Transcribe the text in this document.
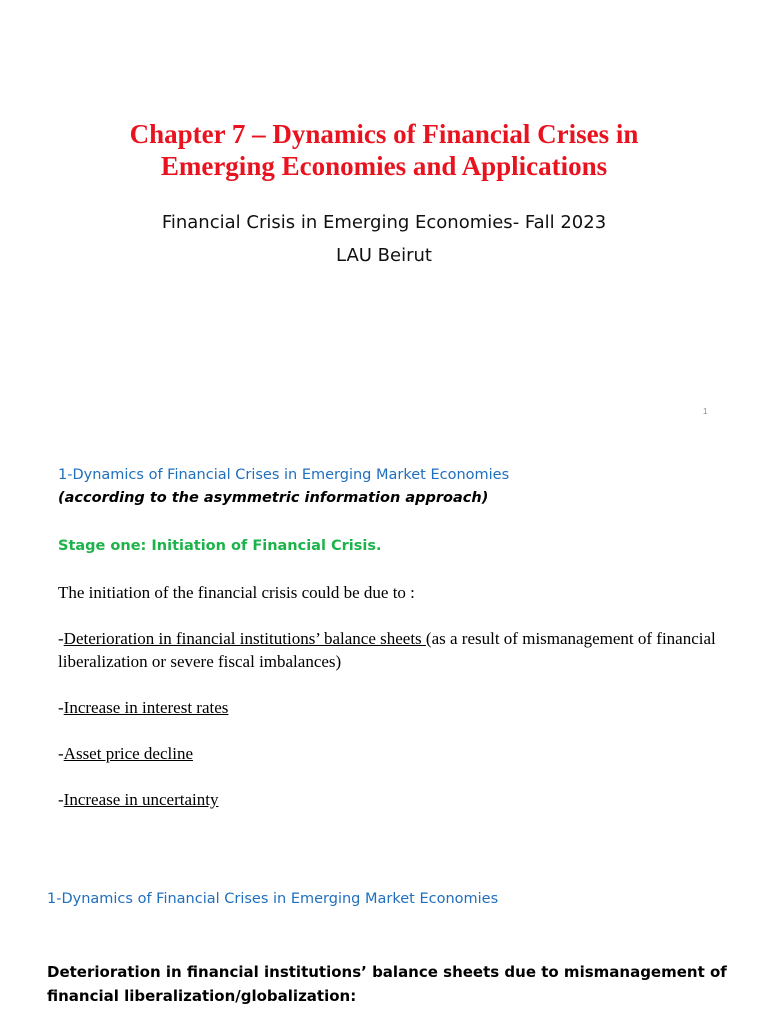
Chapter 7 – Dynamics of Financial Crises in
Emerging Economies and Applications
Financial Crisis in Emerging Economies- Fall 2023
LAU Beirut
1
1-Dynamics of Financial Crises in Emerging Market Economies
(according to the asymmetric information approach)
Stage one: Initiation of Financial Crisis.
The initiation of the financial crisis could be due to :
-Deterioration in financial institutions’ balance sheets (as a result of mismanagement of financial liberalization or severe fiscal imbalances)
-Increase in interest rates
-Asset price decline
-Increase in uncertainty
1-Dynamics of Financial Crises in Emerging Market Economies
Deterioration in financial institutions’ balance sheets due to mismanagement of financial liberalization/globalization:
